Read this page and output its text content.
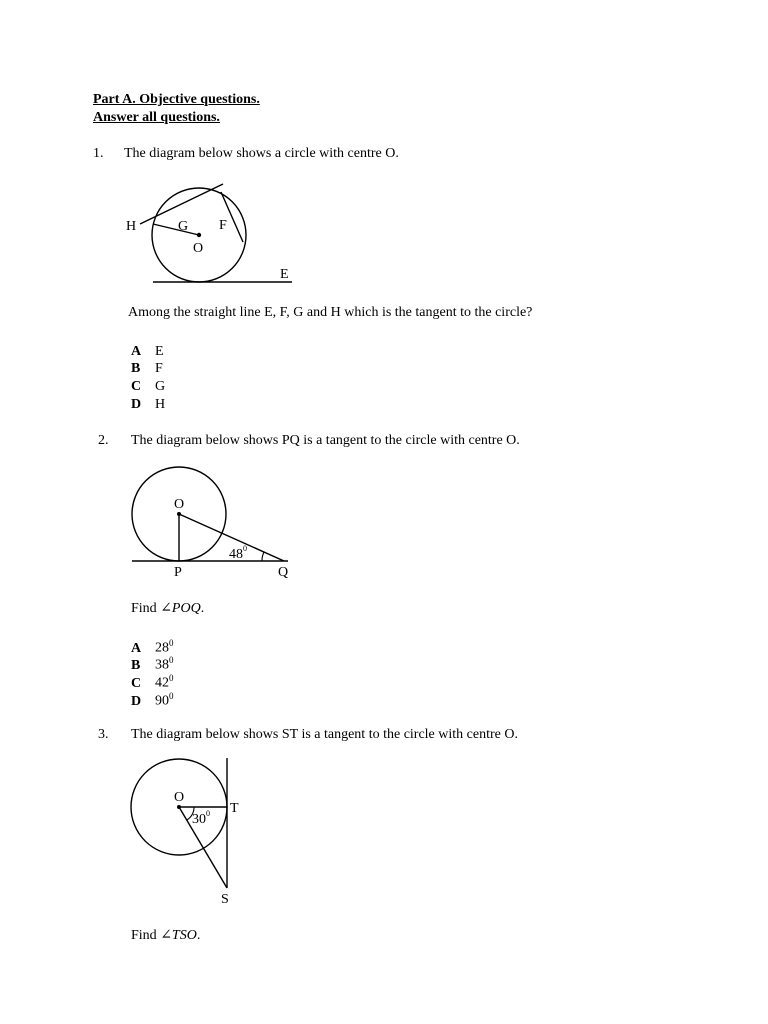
Part A. Objective questions.
Answer all questions.
1. The diagram below shows a circle with centre O.
H	G F
O
E
Among the straight line E, F, G and H which is the tangent to the circle?
A E
B F
C G
D H
2. The diagram below shows PQ is a tangent to the circle with centre O.
O
P	Q
$48^0$
Find ∠POQ.
A $28^0$
B $38^0$
C $42^0$
D $90^0$
3. The diagram below shows ST is a tangent to the circle with centre O.
O
T
S
$30^0$
Find ∠TSO.
